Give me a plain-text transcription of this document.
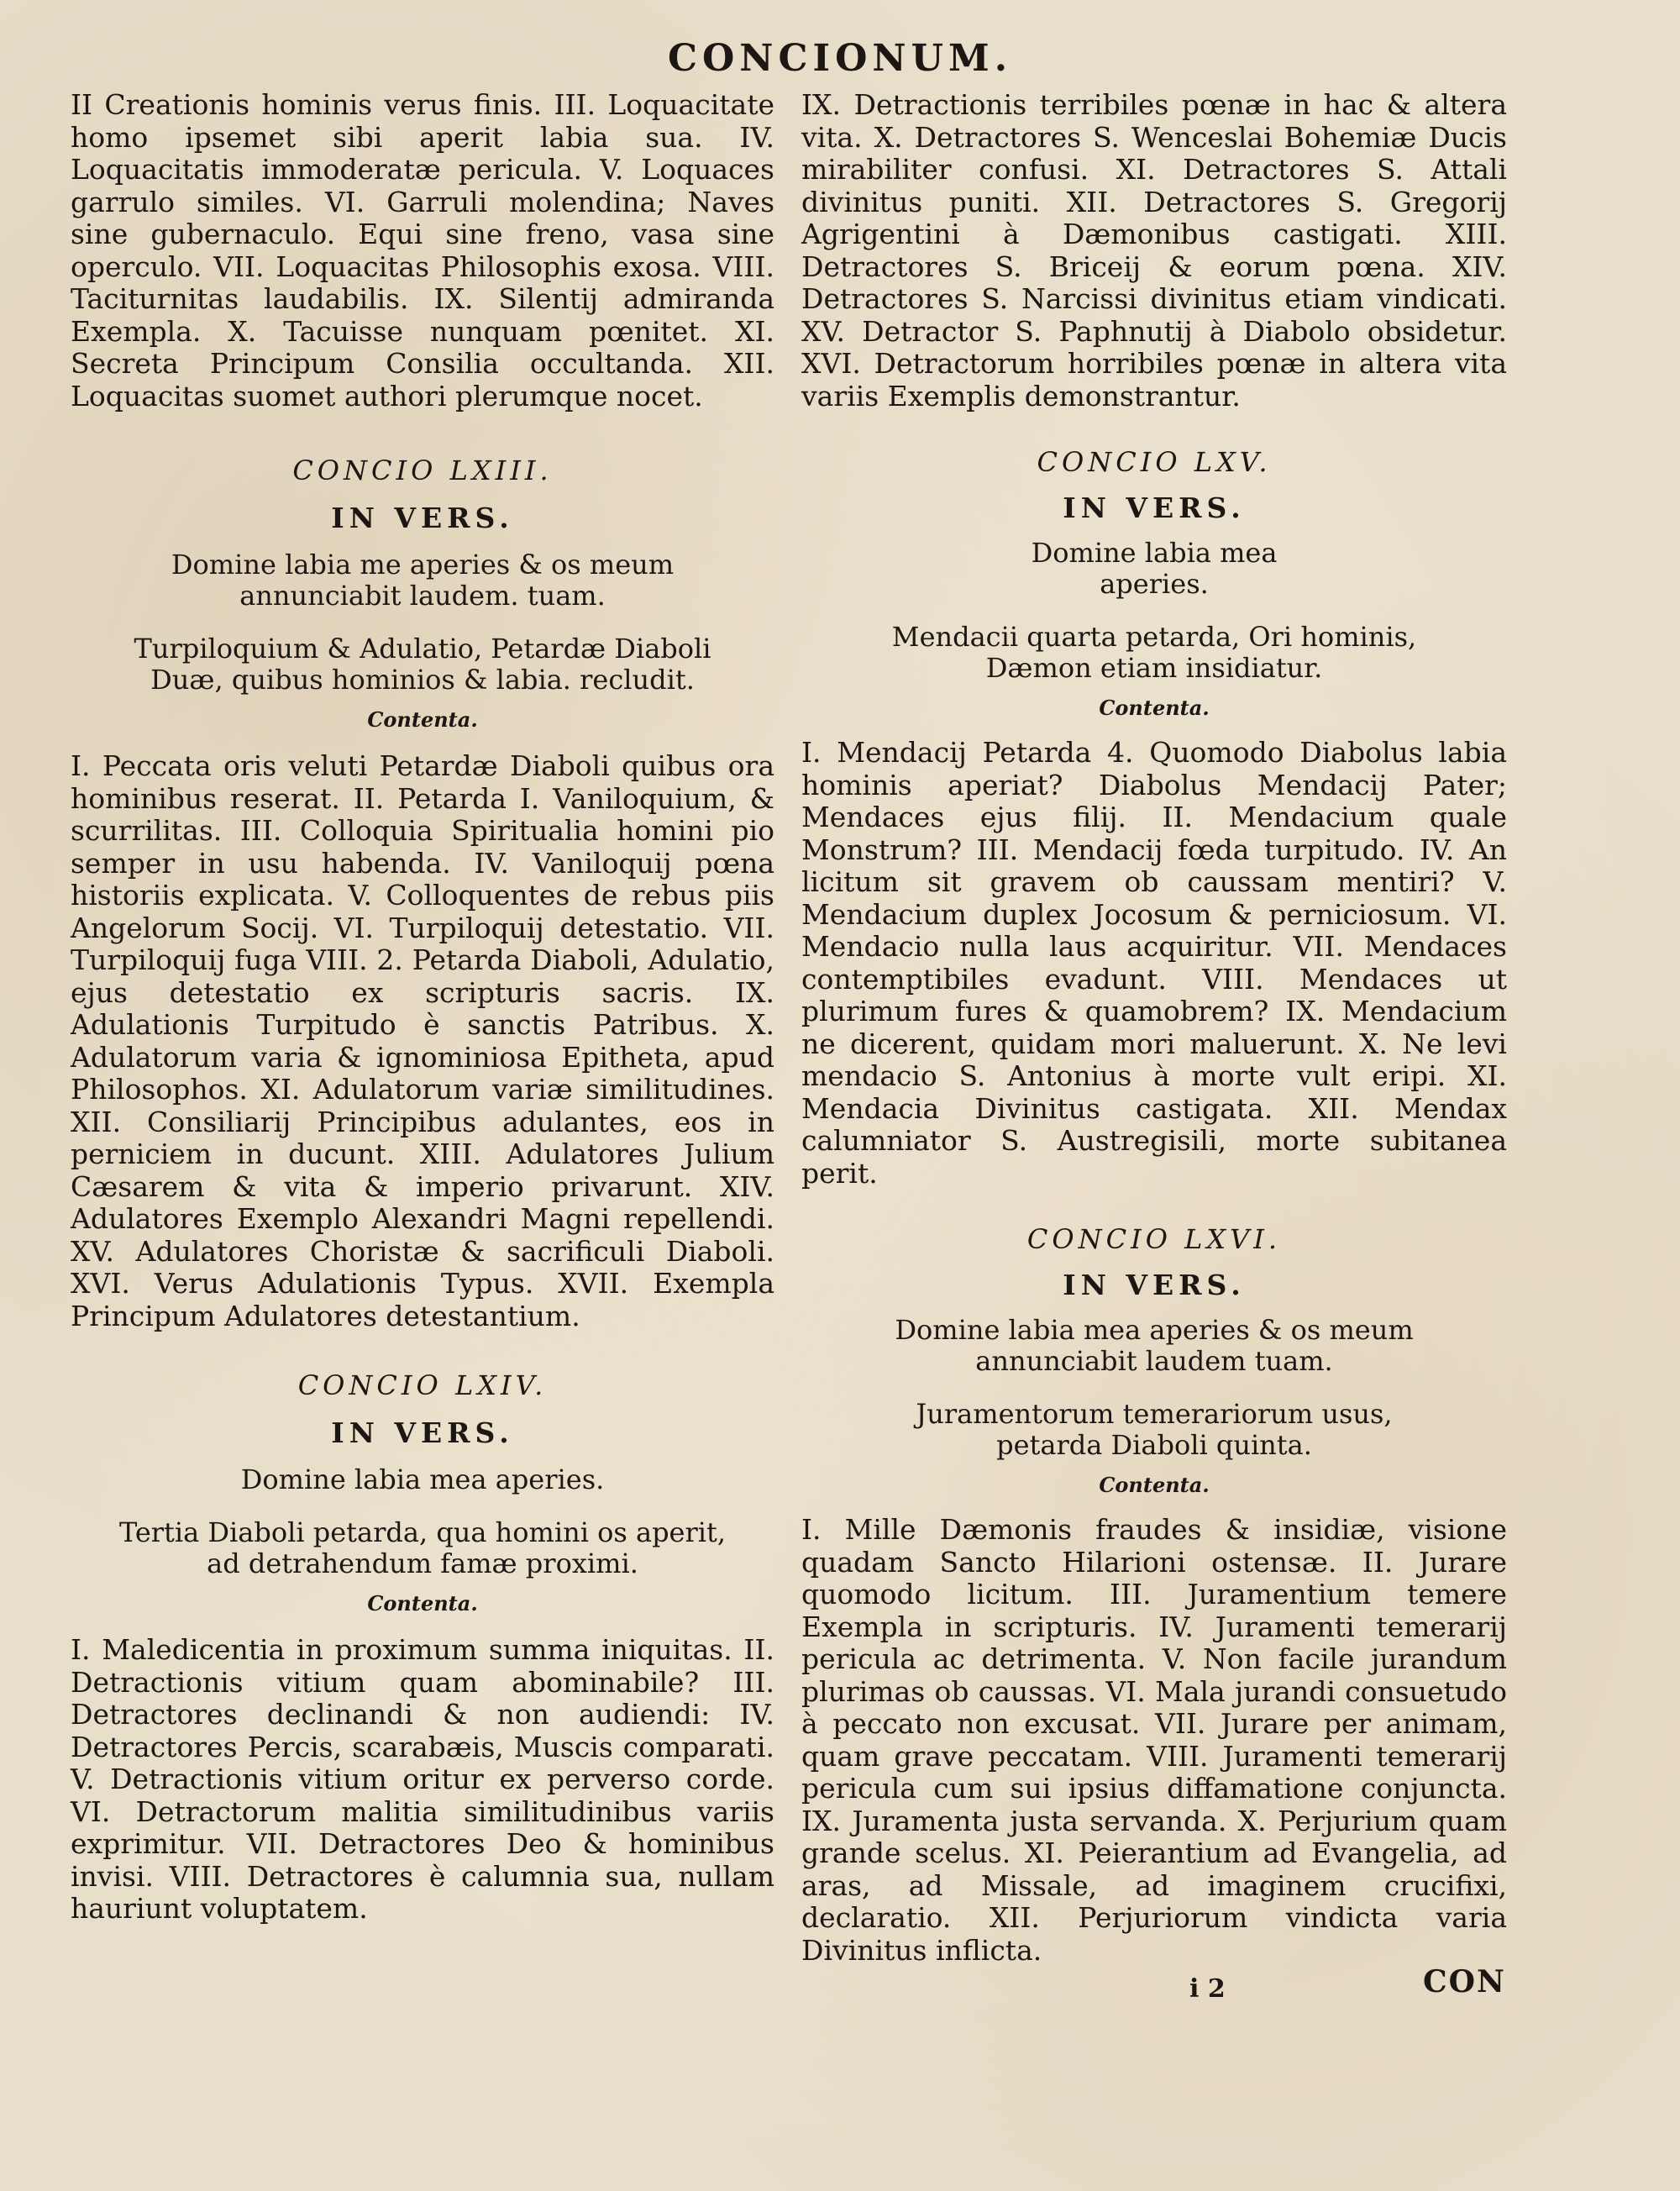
CONCIONUM.

II Creationis hominis verus finis. III. Loquacitate homo ipsemet sibi aperit labia sua. IV. Loquacitatis immoderatæ pericula. V. Loquaces garrulo similes. VI. Garruli molendina; Naves sine gubernaculo. Equi sine freno, vasa sine operculo. VII. Loquacitas Philosophis exosa. VIII. Taciturnitas laudabilis. IX. Silentij admiranda Exempla. X. Tacuisse nunquam pœnitet. XI. Secreta Principum Consilia occultanda. XII. Loquacitas suomet authori plerumque nocet.

CONCIO LXIII.

IN VERS.

Domine labia me aperies & os meum annunciabit laudem. tuam.

Turpiloquium & Adulatio, Petardæ Diaboli Duæ, quibus hominios & labia. recludit.

Contenta.

I. Peccata oris veluti Petardæ Diaboli quibus ora hominibus reserat. II. Petarda I. Vaniloquium, & scurrilitas. III. Colloquia Spiritualia homini pio semper in usu habenda. IV. Vaniloquij pœna historiis explicata. V. Colloquentes de rebus piis Angelorum Socij. VI. Turpiloquij detestatio. VII. Turpiloquij fuga VIII. 2. Petarda Diaboli, Adulatio, ejus detestatio ex scripturis sacris. IX. Adulationis Turpitudo è sanctis Patribus. X. Adulatorum varia & ignominiosa Epitheta, apud Philosophos. XI. Adulatorum variæ similitudines. XII. Consiliarij Principibus adulantes, eos in perniciem in ducunt. XIII. Adulatores Julium Cæsarem & vita & imperio privarunt. XIV. Adulatores Exemplo Alexandri Magni repellendi. XV. Adulatores Choristæ & sacrificuli Diaboli. XVI. Verus Adulationis Typus. XVII. Exempla Principum Adulatores detestantium.

CONCIO LXIV.

IN VERS.

Domine labia mea aperies.

Tertia Diaboli petarda, qua homini os aperit, ad detrahendum famæ proximi.

Contenta.

I. Maledicentia in proximum summa iniquitas. II. Detractionis vitium quam abominabile? III. Detractores declinandi & non audiendi: IV. Detractores Percis, scarabæis, Muscis comparati. V. Detractionis vitium oritur ex perverso corde. VI. Detractorum malitia similitudinibus variis exprimitur. VII. Detractores Deo & hominibus invisi. VIII. Detractores è calumnia sua, nullam hauriunt voluptatem.

IX. Detractionis terribiles pœnæ in hac & altera vita. X. Detractores S. Wenceslai Bohemiæ Ducis mirabiliter confusi. XI. Detractores S. Attali divinitus puniti. XII. Detractores S. Gregorij Agrigentini à Dæmonibus castigati. XIII. Detractores S. Briceij & eorum pœna. XIV. Detractores S. Narcissi divinitus etiam vindicati. XV. Detractor S. Paphnutij à Diabolo obsidetur. XVI. Detractorum horribiles pœnæ in altera vita variis Exemplis demonstrantur.

CONCIO LXV.

IN VERS.

Domine labia mea aperies.

Mendacii quarta petarda, Ori hominis, Dæmon etiam insidiatur.

Contenta.

I. Mendacij Petarda 4. Quomodo Diabolus labia hominis aperiat? Diabolus Mendacij Pater; Mendaces ejus filij. II. Mendacium quale Monstrum? III. Mendacij fœda turpitudo. IV. An licitum sit gravem ob caussam mentiri? V. Mendacium duplex Jocosum & perniciosum. VI. Mendacio nulla laus acquiritur. VII. Mendaces contemptibiles evadunt. VIII. Mendaces ut plurimum fures & quamobrem? IX. Mendacium ne dicerent, quidam mori maluerunt. X. Ne levi mendacio S. Antonius à morte vult eripi. XI. Mendacia Divinitus castigata. XII. Mendax calumniator S. Austregisili, morte subitanea perit.

CONCIO LXVI.

IN VERS.

Domine labia mea aperies & os meum annunciabit laudem tuam.

Juramentorum temerariorum usus, petarda Diaboli quinta.

Contenta.

I. Mille Dæmonis fraudes & insidiæ, visione quadam Sancto Hilarioni ostensæ. II. Jurare quomodo licitum. III. Juramentium temere Exempla in scripturis. IV. Juramenti temerarij pericula ac detrimenta. V. Non facile jurandum plurimas ob caussas. VI. Mala jurandi consuetudo à peccato non excusat. VII. Jurare per animam, quam grave peccatam. VIII. Juramenti temerarij pericula cum sui ipsius diffamatione conjuncta. IX. Juramenta justa servanda. X. Perjurium quam grande scelus. XI. Peierantium ad Evangelia, ad aras, ad Missale, ad imaginem crucifixi, declaratio. XII. Perjuriorum vindicta varia Divinitus inflicta.

i 2	CON
